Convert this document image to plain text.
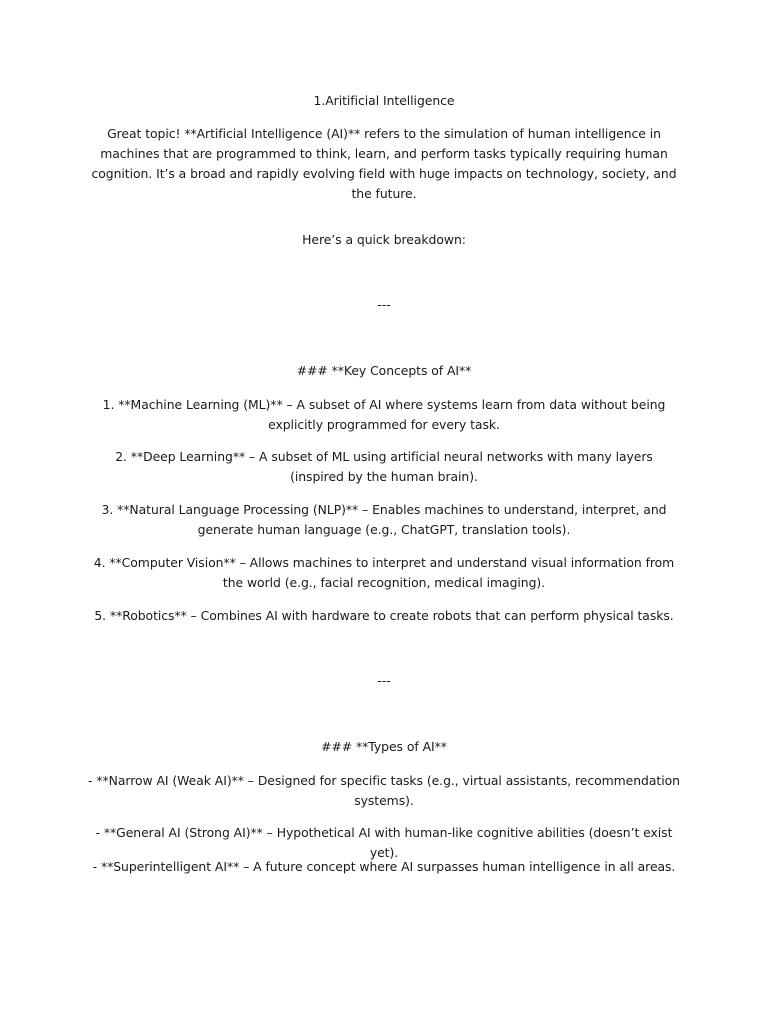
1.Aritificial Intelligence

Great topic! **Artificial Intelligence (AI)** refers to the simulation of human intelligence in machines that are programmed to think, learn, and perform tasks typically requiring human cognition. It’s a broad and rapidly evolving field with huge impacts on technology, society, and the future.

Here’s a quick breakdown:

---

### **Key Concepts of AI**

1. **Machine Learning (ML)** – A subset of AI where systems learn from data without being explicitly programmed for every task.

2. **Deep Learning** – A subset of ML using artificial neural networks with many layers (inspired by the human brain).

3. **Natural Language Processing (NLP)** – Enables machines to understand, interpret, and generate human language (e.g., ChatGPT, translation tools).

4. **Computer Vision** – Allows machines to interpret and understand visual information from the world (e.g., facial recognition, medical imaging).

5. **Robotics** – Combines AI with hardware to create robots that can perform physical tasks.

---

### **Types of AI**

- **Narrow AI (Weak AI)** – Designed for specific tasks (e.g., virtual assistants, recommendation systems).

- **General AI (Strong AI)** – Hypothetical AI with human-like cognitive abilities (doesn’t exist yet).

- **Superintelligent AI** – A future concept where AI surpasses human intelligence in all areas.
